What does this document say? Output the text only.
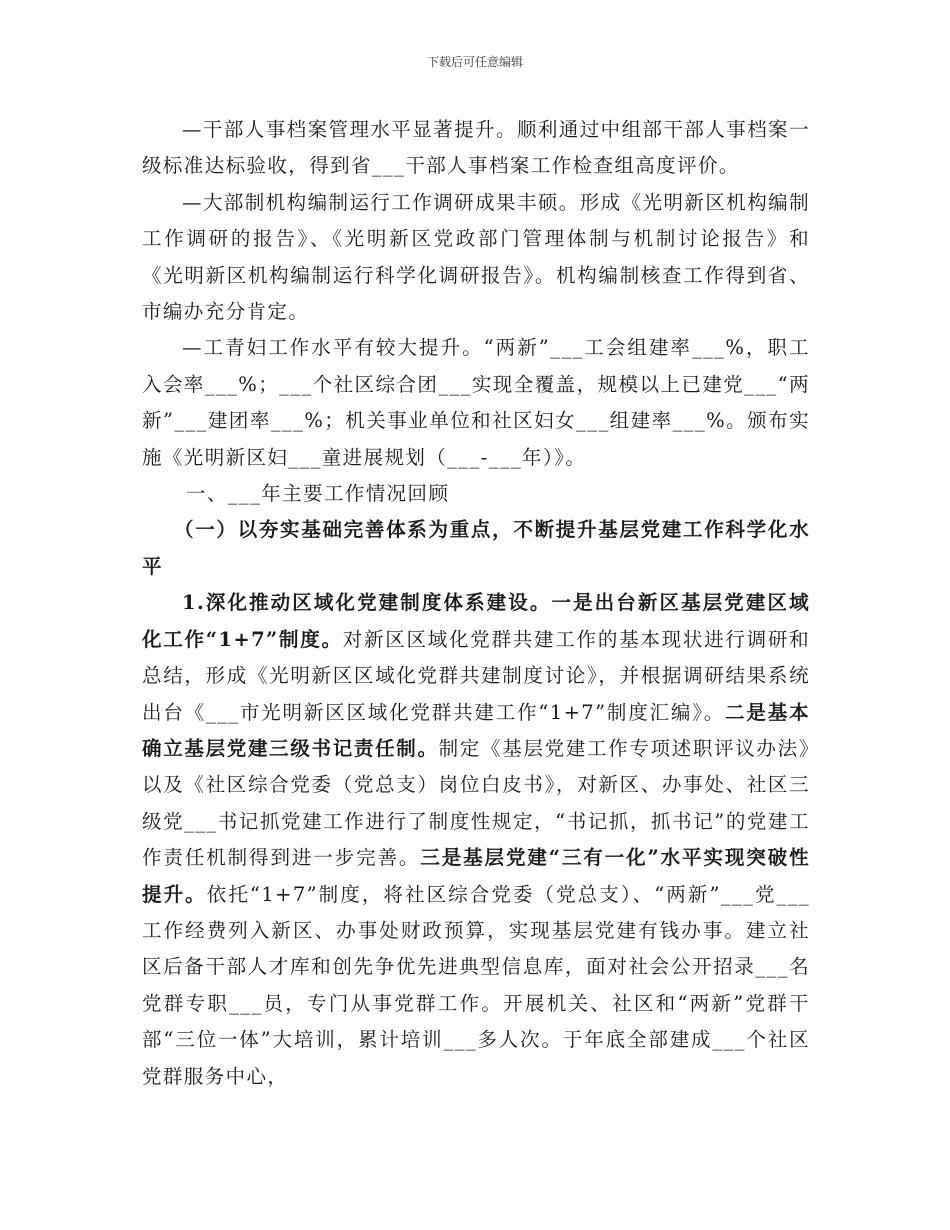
下载后可任意编辑

—干部人事档案管理水平显著提升。顺利通过中组部干部人事档案一级标准达标验收，得到省___干部人事档案工作检查组高度评价。

—大部制机构编制运行工作调研成果丰硕。形成《光明新区机构编制工作调研的报告》、《光明新区党政部门管理体制与机制讨论报告》和《光明新区机构编制运行科学化调研报告》。机构编制核查工作得到省、市编办充分肯定。

—工青妇工作水平有较大提升。“两新”___工会组建率___%，职工入会率___%；___个社区综合团___实现全覆盖，规模以上已建党___“两新”___建团率___%；机关事业单位和社区妇女___组建率___%。颁布实施《光明新区妇___童进展规划（___-___年）》。

一、___年主要工作情况回顾

（一）以夯实基础完善体系为重点，不断提升基层党建工作科学化水平

1.深化推动区域化党建制度体系建设。一是出台新区基层党建区域化工作“1+7”制度。对新区区域化党群共建工作的基本现状进行调研和总结，形成《光明新区区域化党群共建制度讨论》，并根据调研结果系统出台《___市光明新区区域化党群共建工作“1+7”制度汇编》。二是基本确立基层党建三级书记责任制。制定《基层党建工作专项述职评议办法》以及《社区综合党委（党总支）岗位白皮书》，对新区、办事处、社区三级党___书记抓党建工作进行了制度性规定，“书记抓，抓书记”的党建工作责任机制得到进一步完善。三是基层党建“三有一化”水平实现突破性提升。依托“1+7”制度，将社区综合党委（党总支）、“两新”___党___工作经费列入新区、办事处财政预算，实现基层党建有钱办事。建立社区后备干部人才库和创先争优先进典型信息库，面对社会公开招录___名党群专职___员，专门从事党群工作。开展机关、社区和“两新”党群干部“三位一体”大培训，累计培训___多人次。于年底全部建成___个社区党群服务中心，
